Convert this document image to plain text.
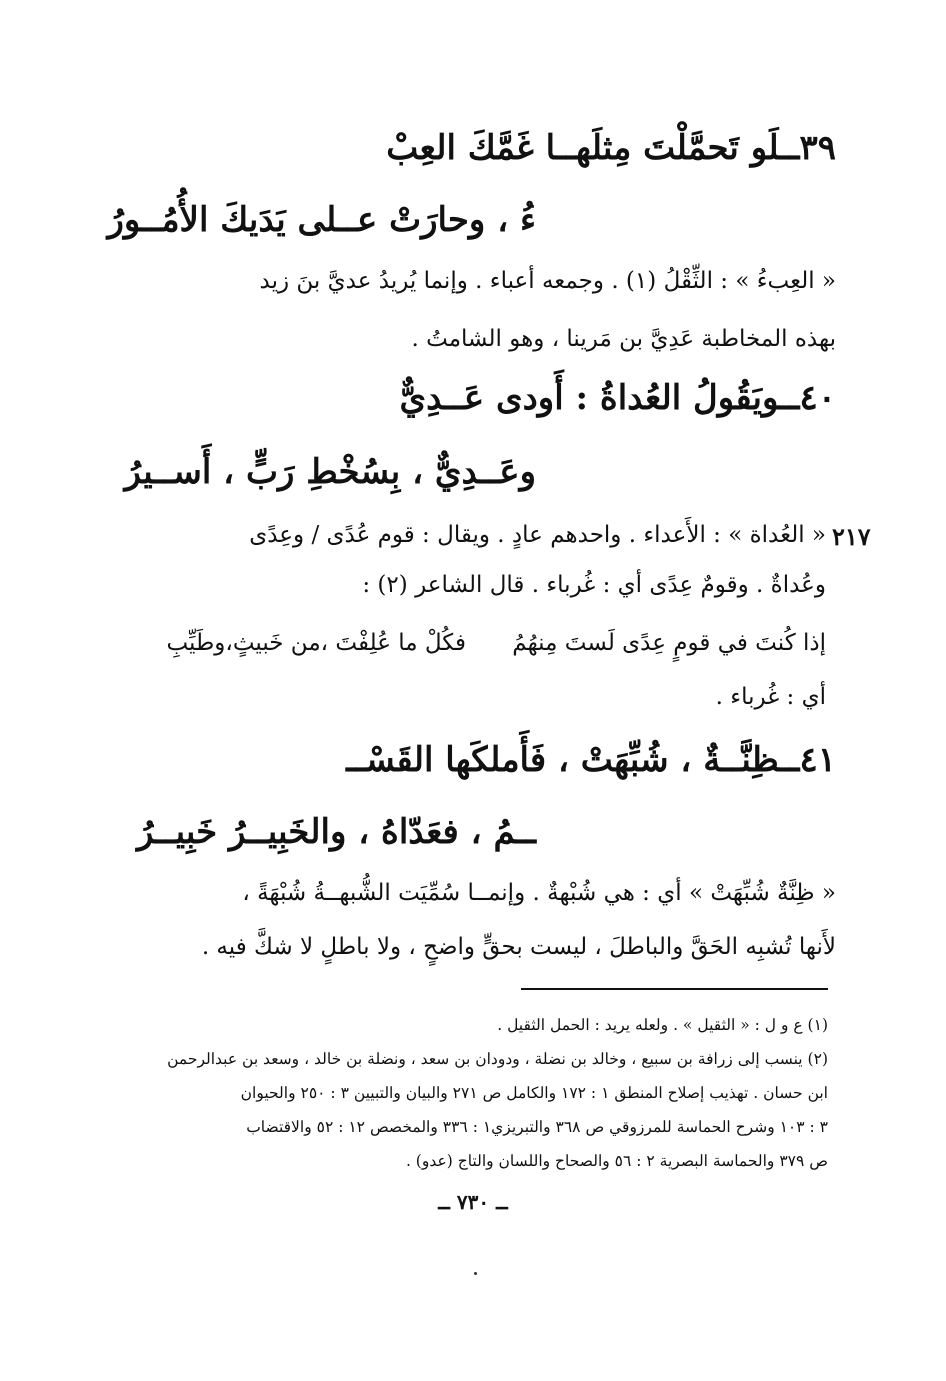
٣٩ــلَو تَحمَّلْتَ مِثلَهــا غَمَّكَ العِبْ
ءُ ، وحارَتْ عــلى يَدَيكَ الأُمُــورُ
« العِبءُ » : الثِّقْلُ (١) . وجمعه أعباء . وإنما يُريدُ عديَّ بنَ زيد
بهذه المخاطبة عَدِيَّ بن مَرينا ، وهو الشامتُ .
٤٠ــويَقُولُ العُداةُ : أَودى عَــدِيٌّ
وعَــدِيٌّ ، بِسُخْطِ رَبٍّ ، أَســيرُ
٢١٧
« العُداة » : الأَعداء . واحدهم عادٍ . ويقال : قوم عُدًى / وعِدًى
وعُداةٌ . وقومٌ عِدًى أي : غُرباء . قال الشاعر (٢) :
إذا كُنتَ في قومٍ عِدًى لَستَ مِنهُمُ
فكُلْ ما عُلِفْتَ ،من خَبيثٍ،وطَيِّبِ
أي : غُرباء .
٤١ــظِنَّــةٌ ، شُبِّهَتْ ، فَأَملكَها القَسْــ
ــمُ ، فعَدّاهُ ، والخَبِيــرُ خَبِيــرُ
« ظِنَّةٌ شُبِّهَتْ » أي : هي شُبْهةٌ . وإنمــا سُمِّيَت الشُّبهــةُ شُبْهَةً ،
لأَنها تُشبِه الحَقَّ والباطلَ ، ليست بحقٍّ واضحٍ ، ولا باطلٍ لا شكَّ فيه .
(١) ع و ل : « الثقيل » . ولعله يريد : الحمل الثقيل .
(٢) ينسب إلى زرافة بن سبيع ، وخالد بن نضلة ، ودودان بن سعد ، ونضلة بن خالد ، وسعد بن عبدالرحمن
ابن حسان . تهذيب إصلاح المنطق ١ : ١٧٢ والكامل ص ٢٧١ والبيان والتبيين ٣ : ٢٥٠ والحيوان
٣ : ١٠٣ وشرح الحماسة للمرزوقي ص ٣٦٨ والتبريزي١ : ٣٣٦ والمخصص ١٢ : ٥٢ والاقتضاب
ص ٣٧٩ والحماسة البصرية ٢ : ٥٦ والصحاح واللسان والتاج (عدو) .
ــ ٧٣٠ ــ
